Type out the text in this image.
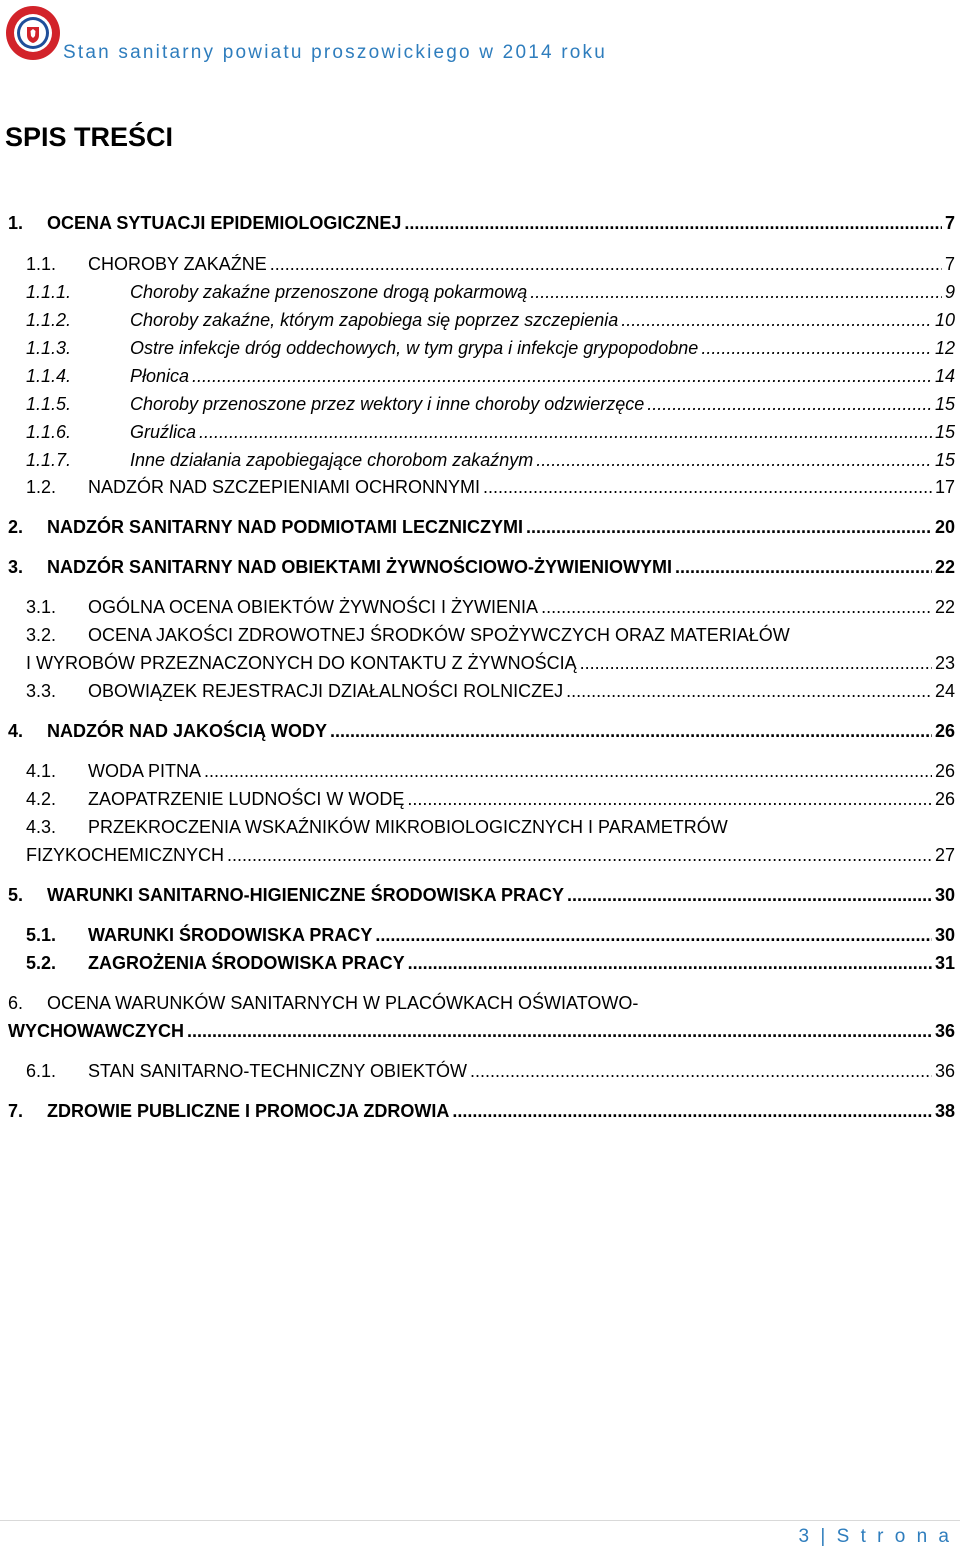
Stan sanitarny powiatu proszowickiego w 2014 roku
SPIS TREŚCI
1. OCENA SYTUACJI EPIDEMIOLOGICZNEJ .....	7
1.1. CHOROBY ZAKAŹNE .....	7
1.1.1.	Choroby zakaźne przenoszone drogą pokarmową .....	9
1.1.2.	Choroby zakaźne, którym zapobiega się poprzez szczepienia .....	10
1.1.3.	Ostre infekcje dróg oddechowych, w tym grypa i infekcje grypopodobne .....	12
1.1.4.	Płonica .....	14
1.1.5.	Choroby przenoszone przez wektory i inne choroby odzwierzęce .....	15
1.1.6.	Gruźlica .....	15
1.1.7.	Inne działania zapobiegające chorobom zakaźnym .....	15
1.2. NADZÓR NAD SZCZEPIENIAMI OCHRONNYMI .....	17
2. NADZÓR SANITARNY NAD PODMIOTAMI LECZNICZYMI .....	20
3. NADZÓR SANITARNY NAD OBIEKTAMI ŻYWNOŚCIOWO-ŻYWIENIOWYMI .....	22
3.1. OGÓLNA OCENA OBIEKTÓW ŻYWNOŚCI I ŻYWIENIA .....	22
3.2. OCENA JAKOŚCI ZDROWOTNEJ ŚRODKÓW SPOŻYWCZYCH ORAZ MATERIAŁÓW
I WYROBÓW PRZEZNACZONYCH DO KONTAKTU Z ŻYWNOŚCIĄ .....	23
3.3. OBOWIĄZEK REJESTRACJI DZIAŁALNOŚCI ROLNICZEJ .....	24
4. NADZÓR NAD JAKOŚCIĄ WODY .....	26
4.1. WODA PITNA .....	26
4.2. ZAOPATRZENIE LUDNOŚCI W WODĘ .....	26
4.3. PRZEKROCZENIA WSKAŹNIKÓW MIKROBIOLOGICZNYCH I PARAMETRÓW
FIZYKOCHEMICZNYCH .....	27
5. WARUNKI SANITARNO-HIGIENICZNE ŚRODOWISKA PRACY .....	30
5.1. WARUNKI ŚRODOWISKA PRACY .....	30
5.2. ZAGROŻENIA ŚRODOWISKA PRACY .....	31
6. OCENA WARUNKÓW SANITARNYCH W PLACÓWKACH OŚWIATOWO-
WYCHOWAWCZYCH .....	36
6.1. STAN SANITARNO-TECHNICZNY OBIEKTÓW .....	36
7. ZDROWIE PUBLICZNE I PROMOCJA ZDROWIA .....	38
3 | S t r o n a
